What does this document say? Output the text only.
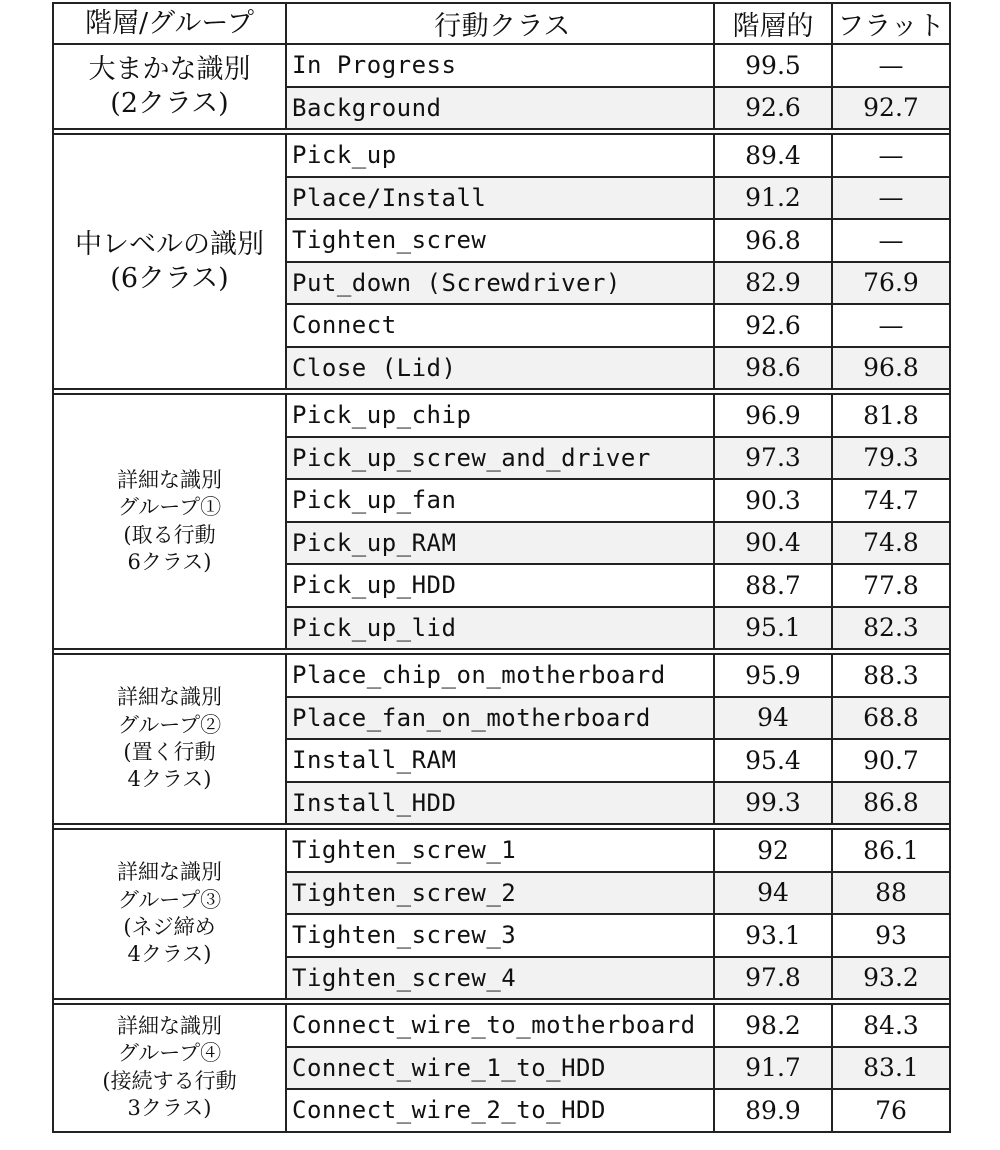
階層/グループ	行動クラス	階層的	フラット

大まかな識別
(2クラス)	In Progress	99.5	—
	Background	92.6	92.7

中レベルの識別
(6クラス)	Pick_up	89.4	—
	Place/Install	91.2	—
	Tighten_screw	96.8	—
	Put_down (Screwdriver)	82.9	76.9
	Connect	92.6	—
	Close (Lid)	98.6	96.8

詳細な識別
グループ①
(取る行動
6クラス)	Pick_up_chip	96.9	81.8
	Pick_up_screw_and_driver	97.3	79.3
	Pick_up_fan	90.3	74.7
	Pick_up_RAM	90.4	74.8
	Pick_up_HDD	88.7	77.8
	Pick_up_lid	95.1	82.3

詳細な識別
グループ②
(置く行動
4クラス)	Place_chip_on_motherboard	95.9	88.3
	Place_fan_on_motherboard	94	68.8
	Install_RAM	95.4	90.7
	Install_HDD	99.3	86.8

詳細な識別
グループ③
(ネジ締め
4クラス)	Tighten_screw_1	92	86.1
	Tighten_screw_2	94	88
	Tighten_screw_3	93.1	93
	Tighten_screw_4	97.8	93.2

詳細な識別
グループ④
(接続する行動
3クラス)	Connect_wire_to_motherboard	98.2	84.3
	Connect_wire_1_to_HDD	91.7	83.1
	Connect_wire_2_to_HDD	89.9	76
